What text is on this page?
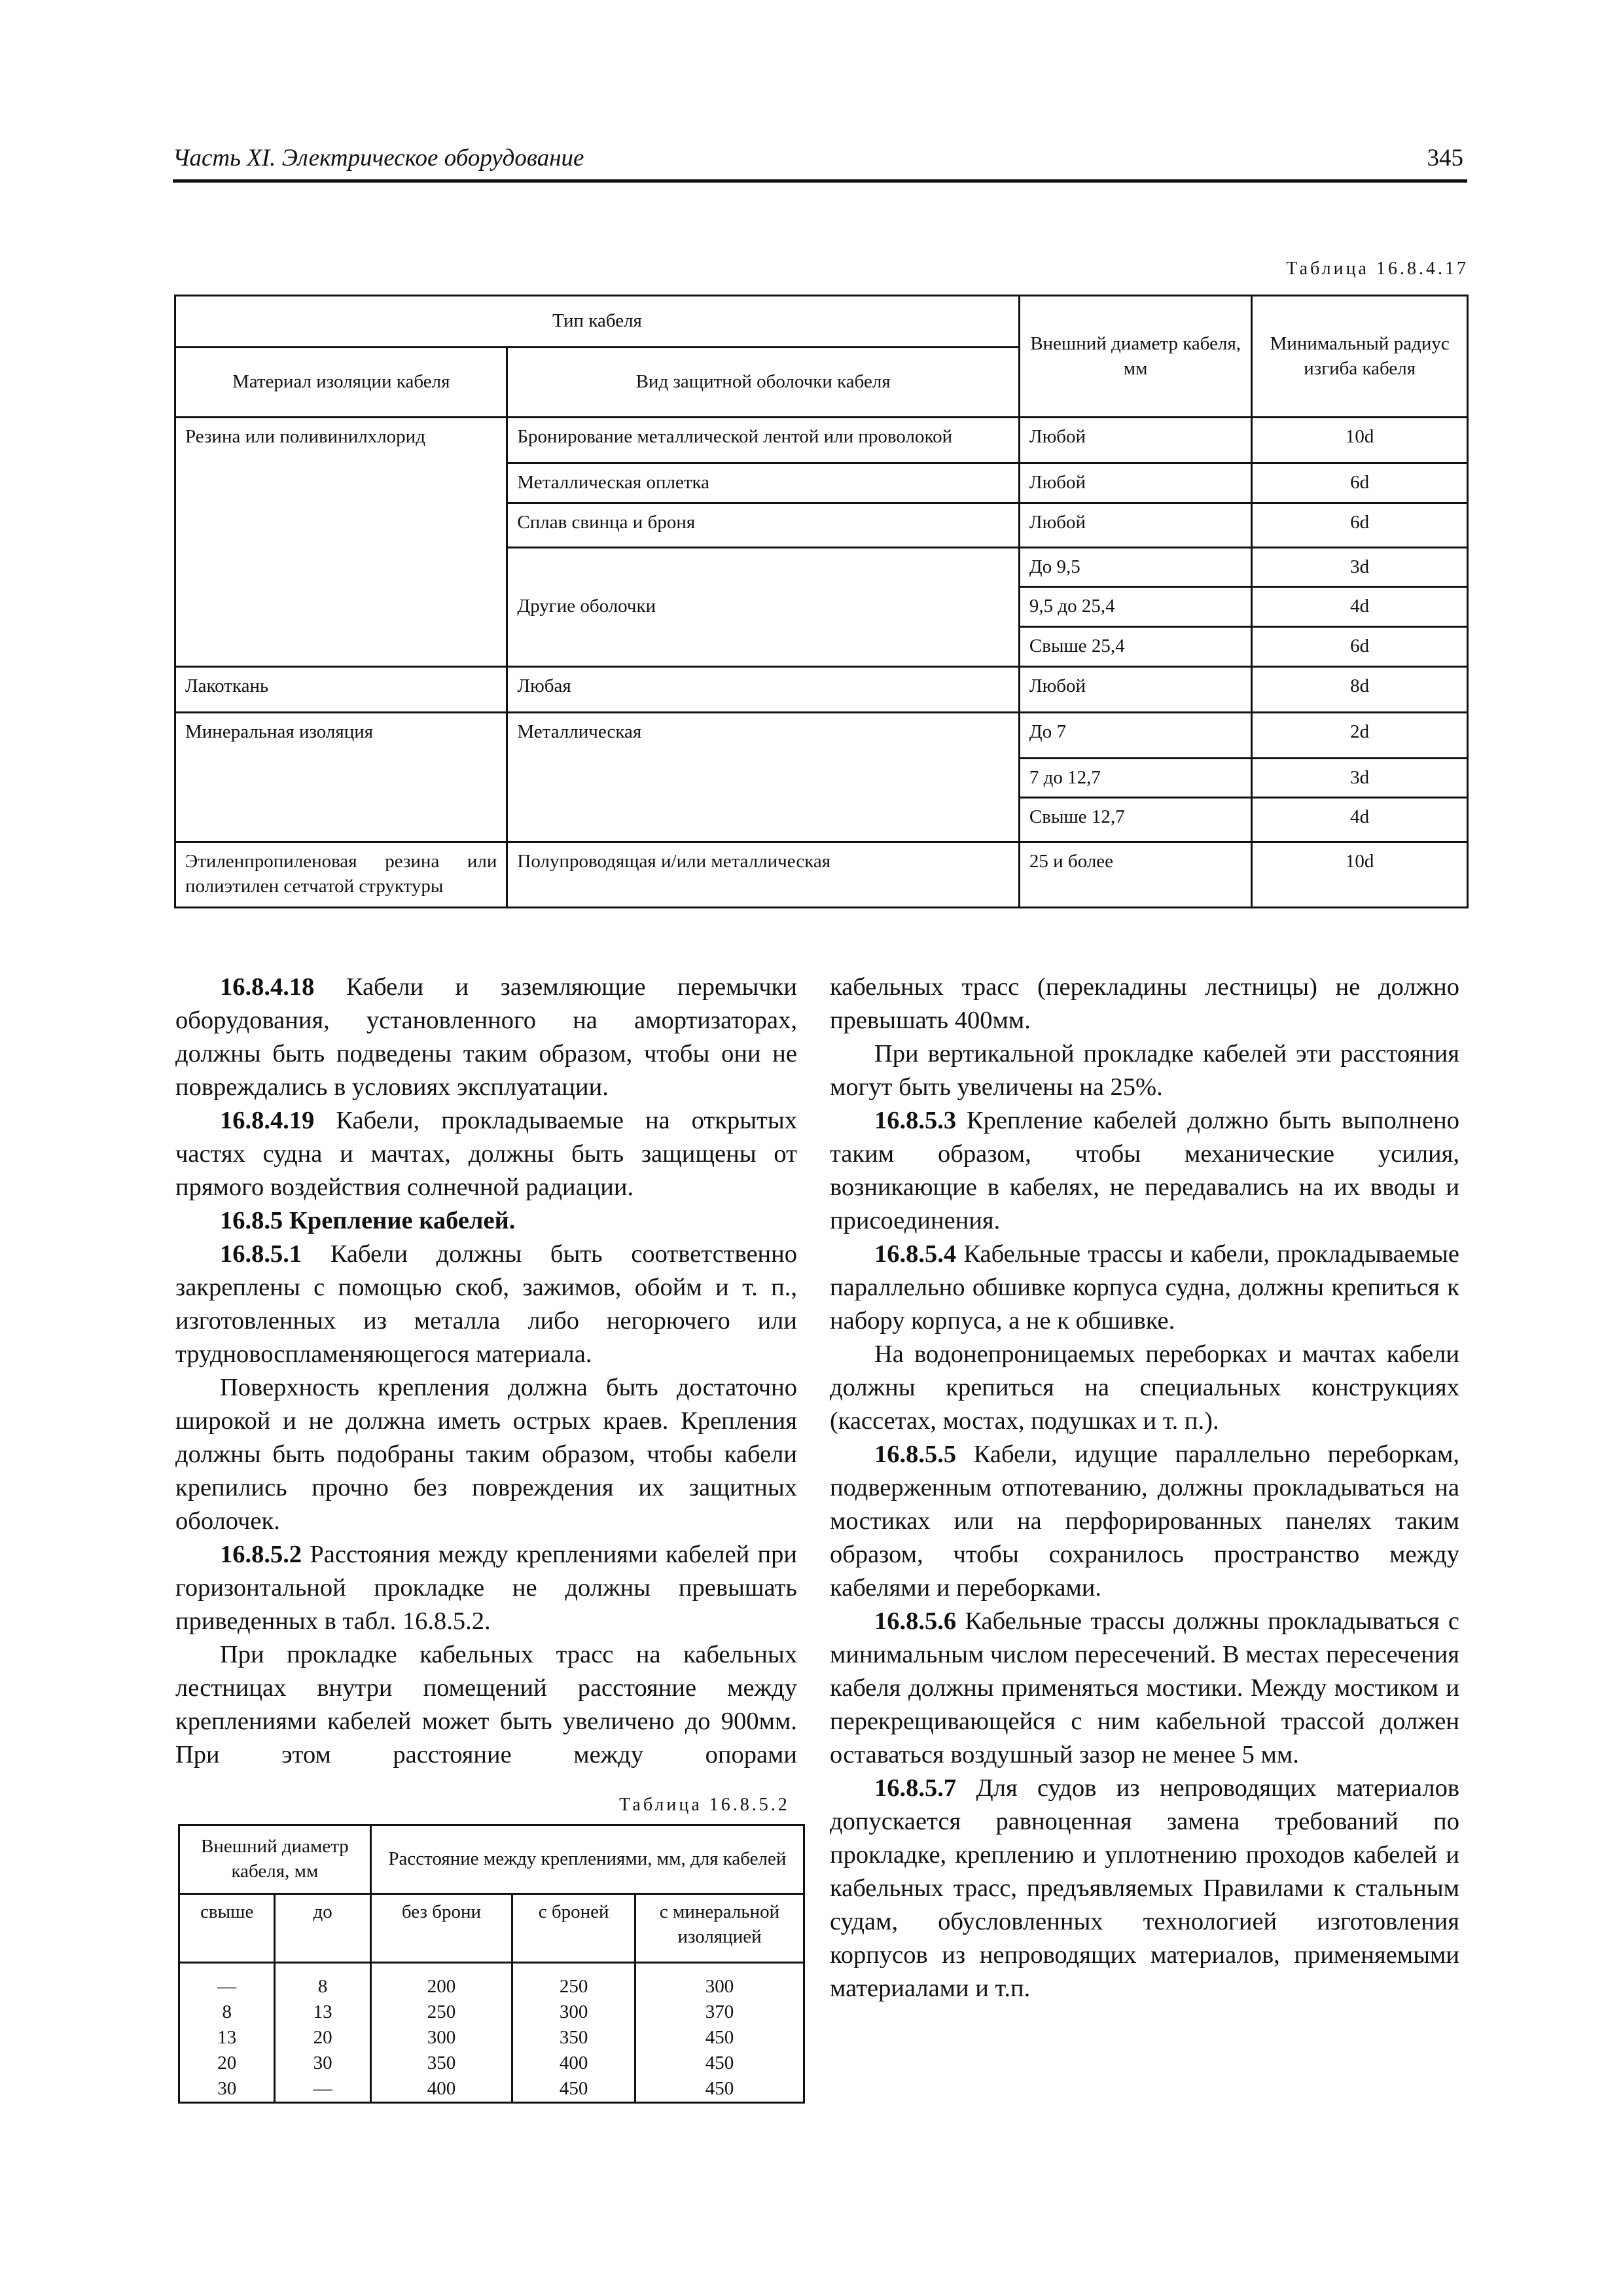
Часть XI. Электрическое оборудование	345
Таблица 16.8.4.17
Тип кабеля		Внешний диаметр кабеля, мм	Минимальный радиус изгиба кабеля
Материал изоляции кабеля	Вид защитной оболочки кабеля		
Резина или поливинилхлорид	Бронирование металлической лентой или проволокой	Любой	10d
	Металлическая оплетка	Любой	6d
	Сплав свинца и броня	Любой	6d
	Другие оболочки	До 9,5	3d
		9,5 до 25,4	4d
		Свыше 25,4	6d
Лакоткань	Любая	Любой	8d
Минеральная изоляция	Металлическая	До 7	2d
		7 до 12,7	3d
		Свыше 12,7	4d
Этиленпропиленовая резина или полиэтилен сетчатой структуры	Полупроводящая и/или металлическая	25 и более	10d

16.8.4.18 Кабели и заземляющие перемычки оборудования, установленного на амортизаторах, должны быть подведены таким образом, чтобы они не повреждались в условиях эксплуатации.

16.8.4.19 Кабели, прокладываемые на открытых частях судна и мачтах, должны быть защищены от прямого воздействия солнечной радиации.

16.8.5 Крепление кабелей.

16.8.5.1 Кабели должны быть соответственно закреплены с помощью скоб, зажимов, обойм и т. п., изготовленных из металла либо негорючего или трудновоспламеняющегося материала.

Поверхность крепления должна быть достаточно широкой и не должна иметь острых краев. Крепления должны быть подобраны таким образом, чтобы кабели крепились прочно без повреждения их защитных оболочек.

16.8.5.2 Расстояния между креплениями кабелей при горизонтальной прокладке не должны превышать приведенных в табл. 16.8.5.2.

При прокладке кабельных трасс на кабельных лестницах внутри помещений расстояние между креплениями кабелей может быть увеличено до 900мм. При этом расстояние между опорами

Таблица 16.8.5.2
Внешний диаметр кабеля, мм		Расстояние между креплениями, мм, для кабелей		
свыше	до	без брони	с броней	с минеральной изоляцией
—	8	200	250	300
8	13	250	300	370
13	20	300	350	450
20	30	350	400	450
30	—	400	450	450

кабельных трасс (перекладины лестницы) не должно превышать 400мм.

При вертикальной прокладке кабелей эти расстояния могут быть увеличены на 25%.

16.8.5.3 Крепление кабелей должно быть выполнено таким образом, чтобы механические усилия, возникающие в кабелях, не передавались на их вводы и присоединения.

16.8.5.4 Кабельные трассы и кабели, прокладываемые параллельно обшивке корпуса судна, должны крепиться к набору корпуса, а не к обшивке.

На водонепроницаемых переборках и мачтах кабели должны крепиться на специальных конструкциях (кассетах, мостах, подушках и т. п.).

16.8.5.5 Кабели, идущие параллельно переборкам, подверженным отпотеванию, должны прокладываться на мостиках или на перфорированных панелях таким образом, чтобы сохранилось пространство между кабелями и переборками.

16.8.5.6 Кабельные трассы должны прокладываться с минимальным числом пересечений. В местах пересечения кабеля должны применяться мостики. Между мостиком и перекрещивающейся с ним кабельной трассой должен оставаться воздушный зазор не менее 5 мм.

16.8.5.7 Для судов из непроводящих материалов допускается равноценная замена требований по прокладке, креплению и уплотнению проходов кабелей и кабельных трасс, предъявляемых Правилами к стальным судам, обусловленных технологией изготовления корпусов из непроводящих материалов, применяемыми материалами и т.п.
